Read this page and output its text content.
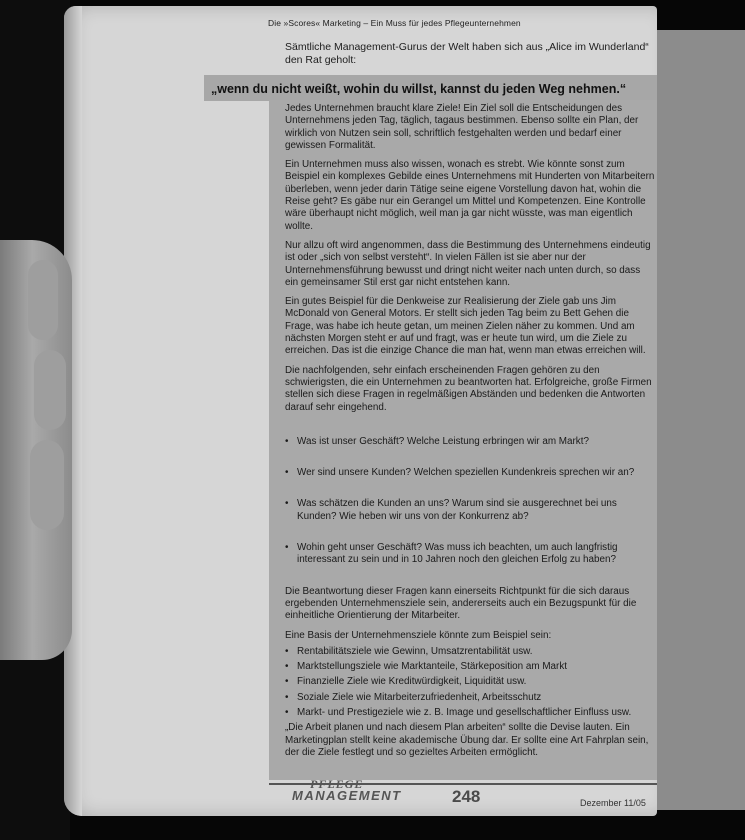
Die »Scores« Marketing – Ein Muss für jedes Pflegeunternehmen
Sämtliche Management-Gurus der Welt haben sich aus „Alice im Wunderland“ den Rat geholt:
„wenn du nicht weißt, wohin du willst, kannst du jeden Weg nehmen.“

Jedes Unternehmen braucht klare Ziele! Ein Ziel soll die Entscheidungen des Unternehmens jeden Tag, täglich, tagaus bestimmen. Ebenso sollte ein Plan, der wirklich von Nutzen sein soll, schriftlich festgehalten werden und bedarf einer gewissen Formalität.

Ein Unternehmen muss also wissen, wonach es strebt. Wie könnte sonst zum Beispiel ein komplexes Gebilde eines Unternehmens mit Hunderten von Mitarbeitern überleben, wenn jeder darin Tätige seine eigene Vorstellung davon hat, wohin die Reise geht? Es gäbe nur ein Gerangel um Mittel und Kompetenzen. Eine Kontrolle wäre überhaupt nicht möglich, weil man ja gar nicht wüsste, was man eigentlich wollte.

Nur allzu oft wird angenommen, dass die Bestimmung des Unternehmens eindeutig ist oder „sich von selbst versteht“. In vielen Fällen ist sie aber nur der Unternehmensführung bewusst und dringt nicht weiter nach unten durch, so dass ein gemeinsamer Stil erst gar nicht entstehen kann.

Ein gutes Beispiel für die Denkweise zur Realisierung der Ziele gab uns Jim McDonald von General Motors. Er stellt sich jeden Tag beim zu Bett Gehen die Frage, was habe ich heute getan, um meinen Zielen näher zu kommen. Und am nächsten Morgen steht er auf und fragt, was er heute tun wird, um die Ziele zu erreichen. Das ist die einzige Chance die man hat, wenn man etwas erreichen will.

Die nachfolgenden, sehr einfach erscheinenden Fragen gehören zu den schwierigsten, die ein Unternehmen zu beantworten hat. Erfolgreiche, große Firmen stellen sich diese Fragen in regelmäßigen Abständen und bedenken die Antworten darauf sehr eingehend.

• Was ist unser Geschäft? Welche Leistung erbringen wir am Markt?
• Wer sind unsere Kunden? Welchen speziellen Kundenkreis sprechen wir an?
• Was schätzen die Kunden an uns? Warum sind sie ausgerechnet bei uns Kunden? Wie heben wir uns von der Konkurrenz ab?
• Wohin geht unser Geschäft? Was muss ich beachten, um auch langfristig interessant zu sein und in 10 Jahren noch den gleichen Erfolg zu haben?

Die Beantwortung dieser Fragen kann einerseits Richtpunkt für die sich daraus ergebenden Unternehmensziele sein, andererseits auch ein Bezugspunkt für die einheitliche Orientierung der Mitarbeiter.

Eine Basis der Unternehmensziele könnte zum Beispiel sein:

• Rentabilitätsziele wie Gewinn, Umsatzrentabilität usw.
• Marktstellungsziele wie Marktanteile, Stärkeposition am Markt
• Finanzielle Ziele wie Kreditwürdigkeit, Liquidität usw.
• Soziale Ziele wie Mitarbeiterzufriedenheit, Arbeitsschutz
• Markt- und Prestigeziele wie z. B. Image und gesellschaftlicher Einfluss usw.

„Die Arbeit planen und nach diesem Plan arbeiten“ sollte die Devise lauten. Ein Marketingplan stellt keine akademische Übung dar. Er sollte eine Art Fahrplan sein, der die Ziele festlegt und so gezieltes Arbeiten ermöglicht.

PFLEGE
MANAGEMENT	248	Dezember 11/05
